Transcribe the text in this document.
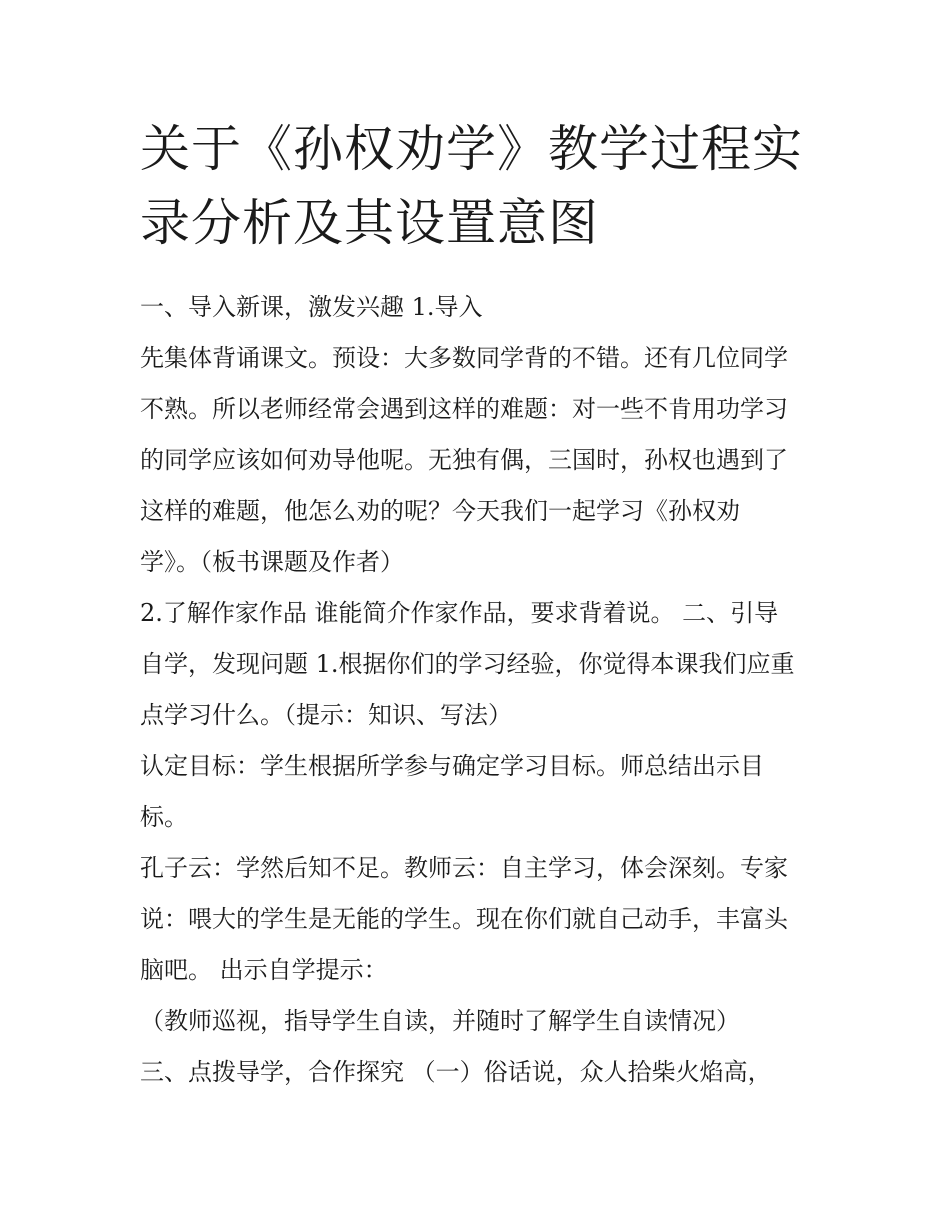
关于《孙权劝学》教学过程实
录分析及其设置意图
一、导入新课，激发兴趣 1.导入
先集体背诵课文。预设：大多数同学背的不错。还有几位同学
不熟。所以老师经常会遇到这样的难题：对一些不肯用功学习
的同学应该如何劝导他呢。无独有偶，三国时，孙权也遇到了
这样的难题，他怎么劝的呢？今天我们一起学习《孙权劝
学》。（板书课题及作者）
2.了解作家作品 谁能简介作家作品，要求背着说。 二、引导
自学，发现问题 1.根据你们的学习经验，你觉得本课我们应重
点学习什么。（提示：知识、写法）
认定目标：学生根据所学参与确定学习目标。师总结出示目
标。
孔子云：学然后知不足。教师云：自主学习，体会深刻。专家
说：喂大的学生是无能的学生。现在你们就自己动手，丰富头
脑吧。 出示自学提示：
（教师巡视，指导学生自读，并随时了解学生自读情况）
三、点拨导学，合作探究 （一）俗话说，众人拾柴火焰高，
